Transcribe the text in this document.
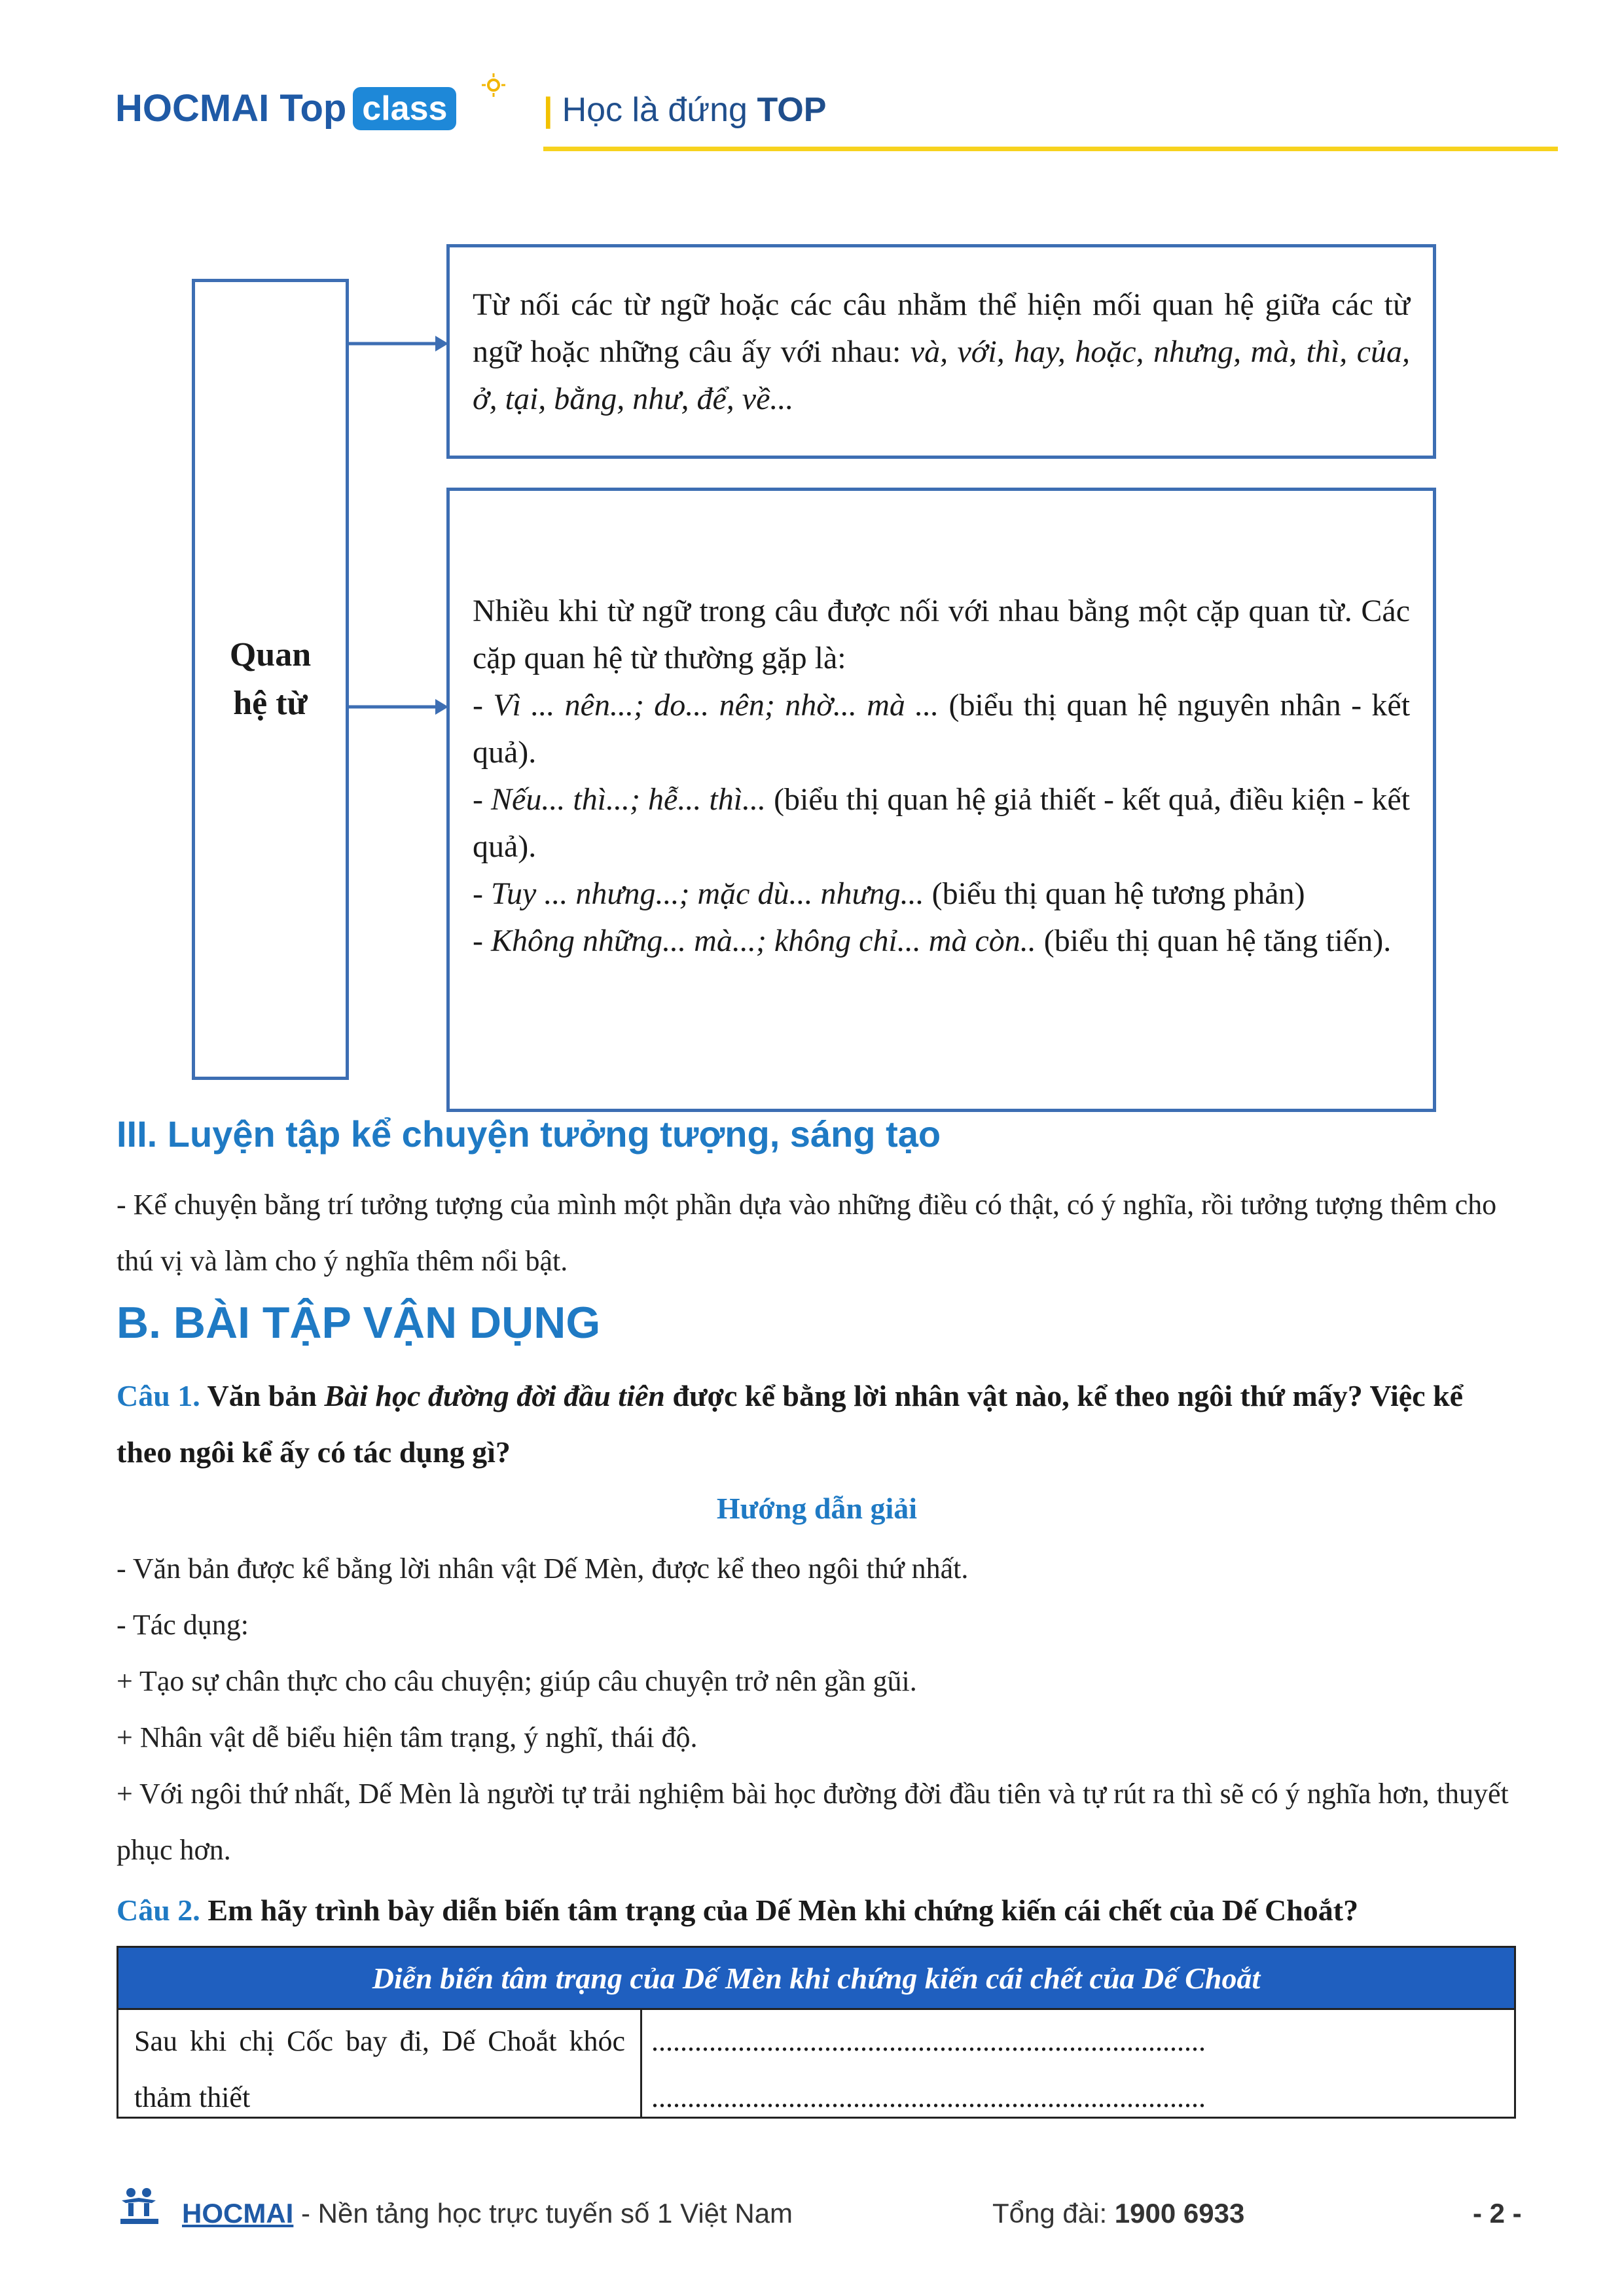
HOCMAI Top class	| Học là đứng TOP
Quan
hệ từ
Từ nối các từ ngữ hoặc các câu nhằm thể hiện mối quan hệ giữa các từ ngữ hoặc những câu ấy với nhau: và, với, hay, hoặc, nhưng, mà, thì, của, ở, tại, bằng, như, để, về...
Nhiều khi từ ngữ trong câu được nối với nhau bằng một cặp quan từ. Các cặp quan hệ từ thường gặp là:
- Vì ... nên...; do... nên; nhờ... mà ... (biểu thị quan hệ nguyên nhân - kết quả).
- Nếu... thì...; hễ... thì... (biểu thị quan hệ giả thiết - kết quả, điều kiện - kết quả).
- Tuy ... nhưng...; mặc dù... nhưng... (biểu thị quan hệ tương phản)
- Không những... mà...; không chỉ... mà còn.. (biểu thị quan hệ tăng tiến).
III. Luyện tập kể chuyện tưởng tượng, sáng tạo
- Kể chuyện bằng trí tưởng tượng của mình một phần dựa vào những điều có thật, có ý nghĩa, rồi tưởng tượng thêm cho thú vị và làm cho ý nghĩa thêm nổi bật.
B. BÀI TẬP VẬN DỤNG
Câu 1. Văn bản Bài học đường đời đầu tiên được kể bằng lời nhân vật nào, kể theo ngôi thứ mấy? Việc kể theo ngôi kể ấy có tác dụng gì?
Hướng dẫn giải
- Văn bản được kể bằng lời nhân vật Dế Mèn, được kể theo ngôi thứ nhất.
- Tác dụng:
+ Tạo sự chân thực cho câu chuyện; giúp câu chuyện trở nên gần gũi.
+ Nhân vật dễ biểu hiện tâm trạng, ý nghĩ, thái độ.
+ Với ngôi thứ nhất, Dế Mèn là người tự trải nghiệm bài học đường đời đầu tiên và tự rút ra thì sẽ có ý nghĩa hơn, thuyết phục hơn.
Câu 2. Em hãy trình bày diễn biến tâm trạng của Dế Mèn khi chứng kiến cái chết của Dế Choắt?
Diễn biến tâm trạng của Dế Mèn khi chứng kiến cái chết của Dế Choắt
Sau khi chị Cốc bay đi, Dế Choắt khóc thảm thiết
.............................................................................
.............................................................................
HOCMAI - Nền tảng học trực tuyến số 1 Việt Nam	Tổng đài: 1900 6933	- 2 -
